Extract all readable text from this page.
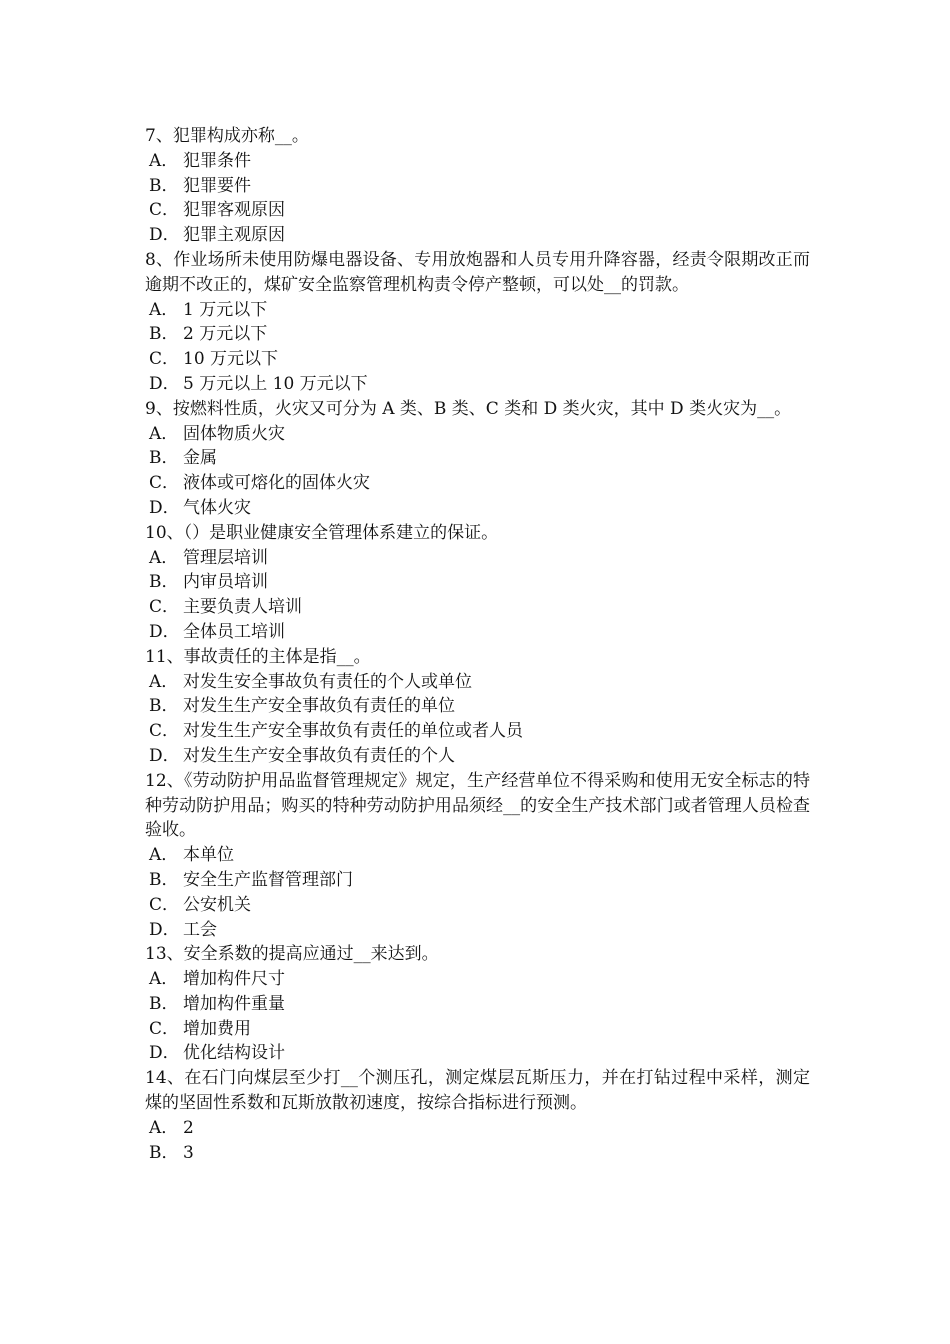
7、犯罪构成亦称__。

A． 犯罪条件

B． 犯罪要件

C． 犯罪客观原因

D． 犯罪主观原因

8、作业场所未使用防爆电器设备、专用放炮器和人员专用升降容器，经责令限期改正而逾期不改正的，煤矿安全监察管理机构责令停产整顿，可以处__的罚款。

A． 1 万元以下

B． 2 万元以下

C． 10 万元以下

D． 5 万元以上 10 万元以下

9、按燃料性质，火灾又可分为 A 类、B 类、C 类和 D 类火灾，其中 D 类火灾为__。

A． 固体物质火灾

B． 金属

C． 液体或可熔化的固体火灾

D． 气体火灾

10、（）是职业健康安全管理体系建立的保证。

A． 管理层培训

B． 内审员培训

C． 主要负责人培训

D． 全体员工培训

11、事故责任的主体是指__。

A． 对发生安全事故负有责任的个人或单位

B． 对发生生产安全事故负有责任的单位

C． 对发生生产安全事故负有责任的单位或者人员

D． 对发生生产安全事故负有责任的个人

12、《劳动防护用品监督管理规定》规定，生产经营单位不得采购和使用无安全标志的特种劳动防护用品；购买的特种劳动防护用品须经__的安全生产技术部门或者管理人员检查验收。

A． 本单位

B． 安全生产监督管理部门

C． 公安机关

D． 工会

13、安全系数的提高应通过__来达到。

A． 增加构件尺寸

B． 增加构件重量

C． 增加费用

D． 优化结构设计

14、在石门向煤层至少打__个测压孔，测定煤层瓦斯压力，并在打钻过程中采样，测定煤的坚固性系数和瓦斯放散初速度，按综合指标进行预测。

A． 2

B． 3
